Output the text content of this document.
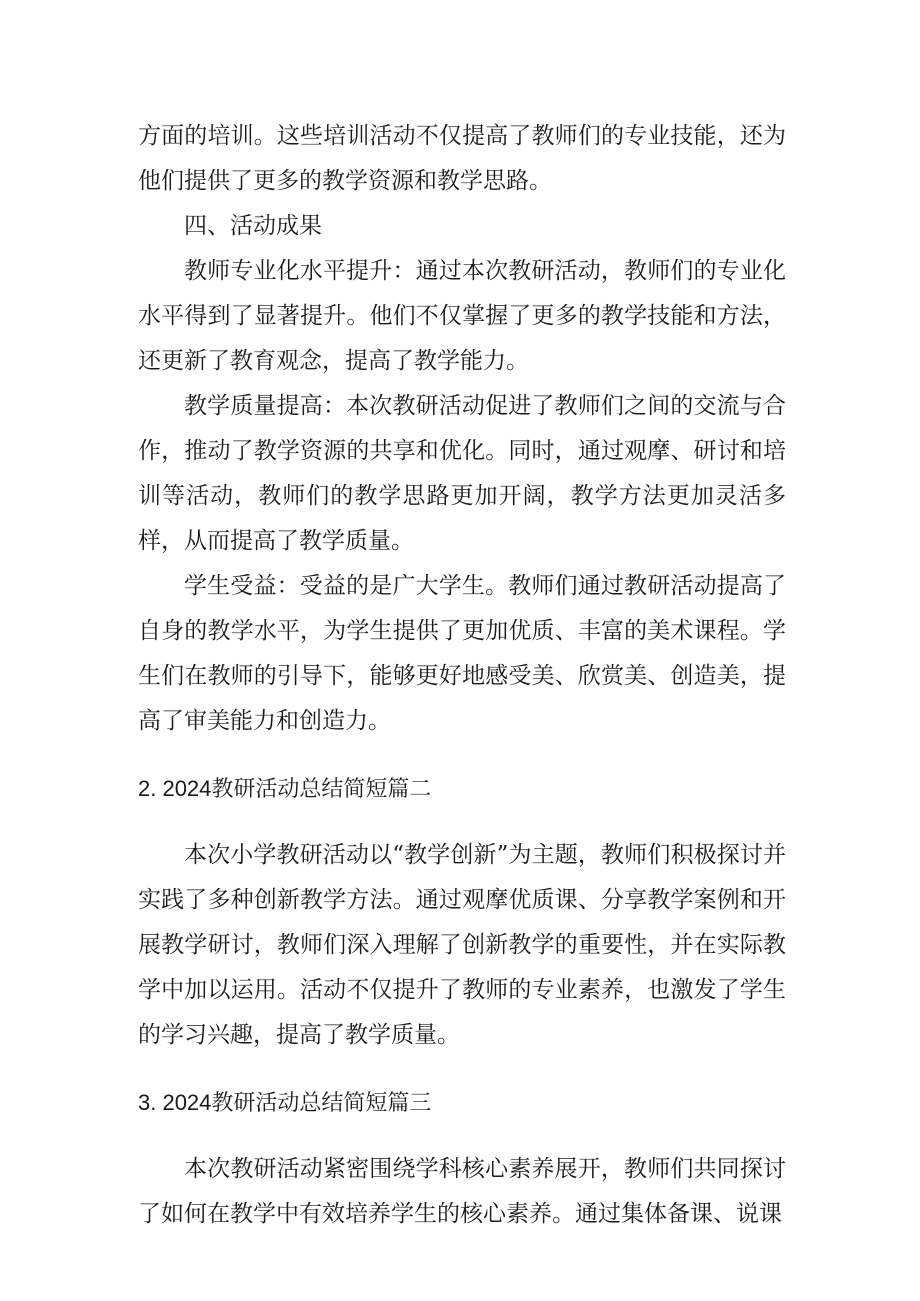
方面的培训。这些培训活动不仅提高了教师们的专业技能，还为他们提供了更多的教学资源和教学思路。

四、活动成果

教师专业化水平提升：通过本次教研活动，教师们的专业化水平得到了显著提升。他们不仅掌握了更多的教学技能和方法，还更新了教育观念，提高了教学能力。

教学质量提高：本次教研活动促进了教师们之间的交流与合作，推动了教学资源的共享和优化。同时，通过观摩、研讨和培训等活动，教师们的教学思路更加开阔，教学方法更加灵活多样，从而提高了教学质量。

学生受益：受益的是广大学生。教师们通过教研活动提高了自身的教学水平，为学生提供了更加优质、丰富的美术课程。学生们在教师的引导下，能够更好地感受美、欣赏美、创造美，提高了审美能力和创造力。

2. 2024教研活动总结简短篇二

本次小学教研活动以“教学创新”为主题，教师们积极探讨并实践了多种创新教学方法。通过观摩优质课、分享教学案例和开展教学研讨，教师们深入理解了创新教学的重要性，并在实际教学中加以运用。活动不仅提升了教师的专业素养，也激发了学生的学习兴趣，提高了教学质量。

3. 2024教研活动总结简短篇三

本次教研活动紧密围绕学科核心素养展开，教师们共同探讨了如何在教学中有效培养学生的核心素养。通过集体备课、说课
